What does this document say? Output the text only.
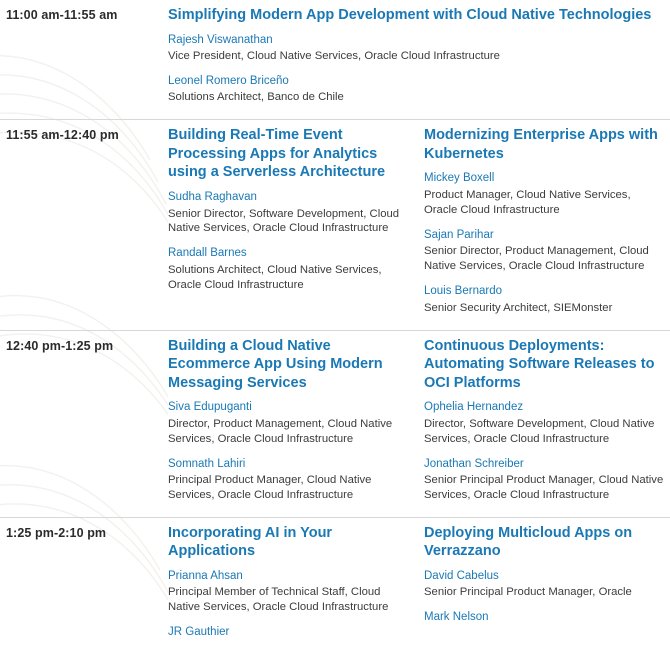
11:00 am-11:55 am	Simplifying Modern App Development with Cloud Native Technologies
Rajesh Viswanathan
Vice President, Cloud Native Services, Oracle Cloud Infrastructure
Leonel Romero Briceño
Solutions Architect, Banco de Chile
11:55 am-12:40 pm	Building Real-Time Event Processing Apps for Analytics using a Serverless Architecture
Sudha Raghavan
Senior Director, Software Development, Cloud Native Services, Oracle Cloud Infrastructure
Randall Barnes
Solutions Architect, Cloud Native Services, Oracle Cloud Infrastructure
Modernizing Enterprise Apps with Kubernetes
Mickey Boxell
Product Manager, Cloud Native Services, Oracle Cloud Infrastructure
Sajan Parihar
Senior Director, Product Management, Cloud Native Services, Oracle Cloud Infrastructure
Louis Bernardo
Senior Security Architect, SIEMonster
12:40 pm-1:25 pm	Building a Cloud Native Ecommerce App Using Modern Messaging Services
Siva Edupuganti
Director, Product Management, Cloud Native Services, Oracle Cloud Infrastructure
Somnath Lahiri
Principal Product Manager, Cloud Native Services, Oracle Cloud Infrastructure
Continuous Deployments: Automating Software Releases to OCI Platforms
Ophelia Hernandez
Director, Software Development, Cloud Native Services, Oracle Cloud Infrastructure
Jonathan Schreiber
Senior Principal Product Manager, Cloud Native Services, Oracle Cloud Infrastructure
1:25 pm-2:10 pm	Incorporating AI in Your Applications
Prianna Ahsan
Principal Member of Technical Staff, Cloud Native Services, Oracle Cloud Infrastructure
JR Gauthier
Deploying Multicloud Apps on Verrazzano
David Cabelus
Senior Principal Product Manager, Oracle
Mark Nelson
